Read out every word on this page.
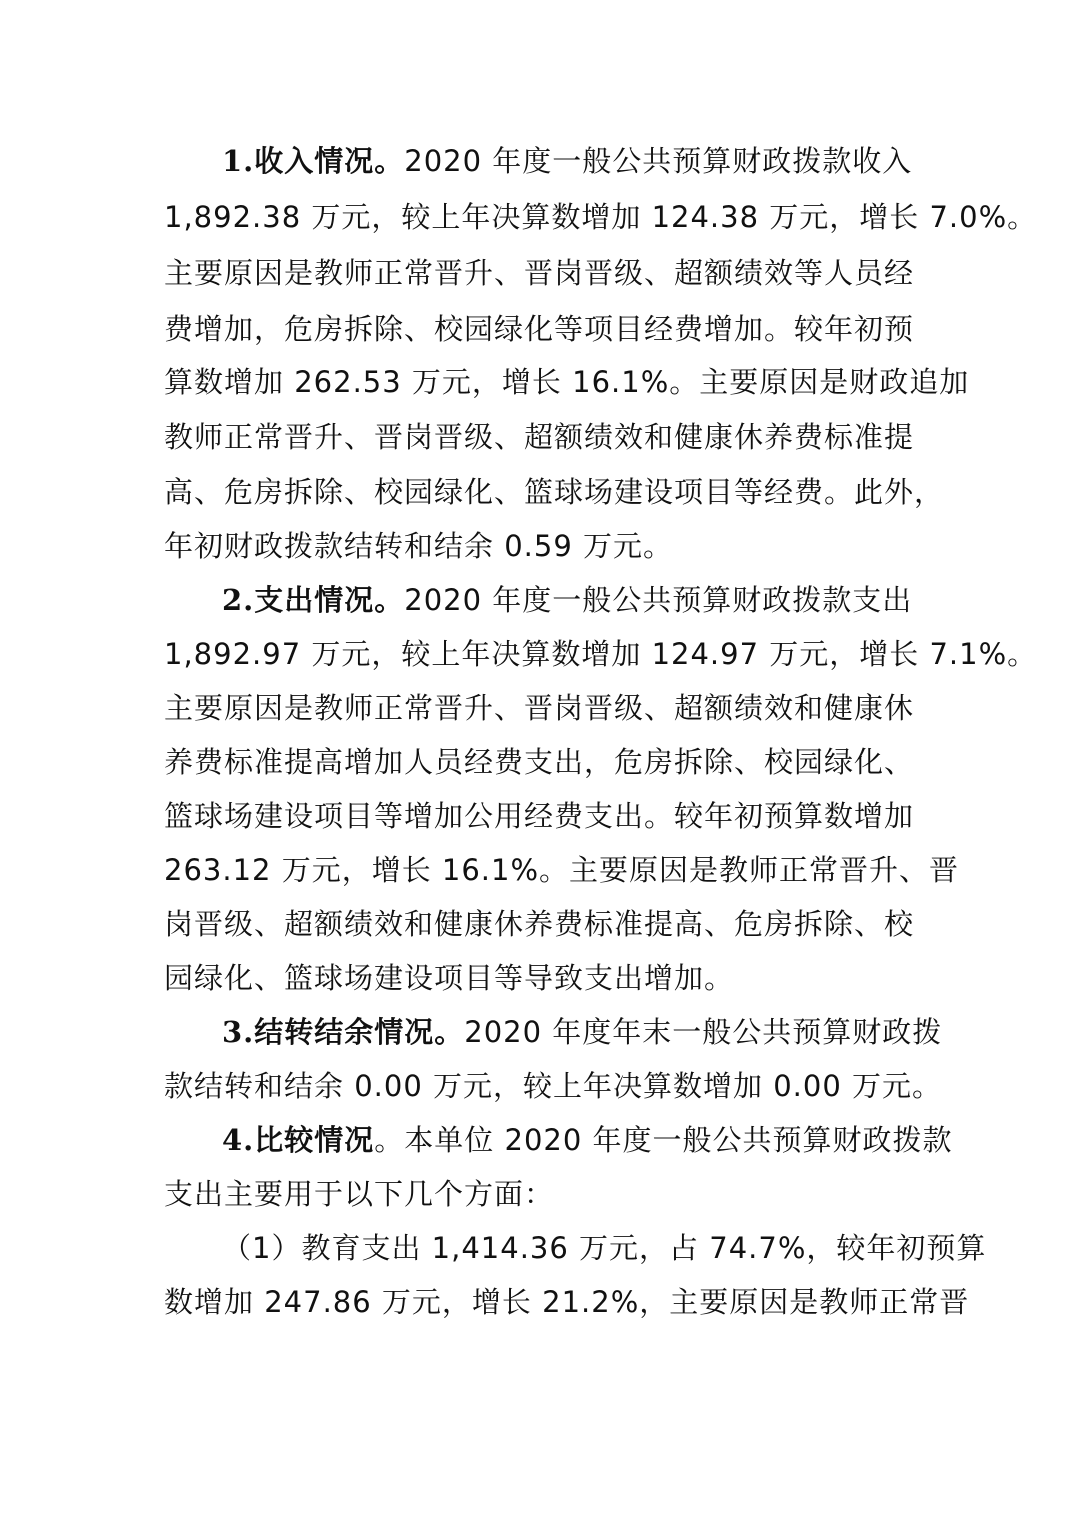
1.收入情况。2020 年度一般公共预算财政拨款收入
1,892.38 万元，较上年决算数增加 124.38 万元，增长 7.0%。
主要原因是教师正常晋升、晋岗晋级、超额绩效等人员经
费增加，危房拆除、校园绿化等项目经费增加。较年初预
算数增加 262.53 万元，增长 16.1%。主要原因是财政追加
教师正常晋升、晋岗晋级、超额绩效和健康休养费标准提
高、危房拆除、校园绿化、篮球场建设项目等经费。此外，
年初财政拨款结转和结余 0.59 万元。
2.支出情况。2020 年度一般公共预算财政拨款支出
1,892.97 万元，较上年决算数增加 124.97 万元，增长 7.1%。
主要原因是教师正常晋升、晋岗晋级、超额绩效和健康休
养费标准提高增加人员经费支出，危房拆除、校园绿化、
篮球场建设项目等增加公用经费支出。较年初预算数增加
263.12 万元，增长 16.1%。主要原因是教师正常晋升、晋
岗晋级、超额绩效和健康休养费标准提高、危房拆除、校
园绿化、篮球场建设项目等导致支出增加。
3.结转结余情况。2020 年度年末一般公共预算财政拨
款结转和结余 0.00 万元，较上年决算数增加 0.00 万元。
4.比较情况。本单位 2020 年度一般公共预算财政拨款
支出主要用于以下几个方面：
（1）教育支出 1,414.36 万元，占 74.7%，较年初预算
数增加 247.86 万元，增长 21.2%，主要原因是教师正常晋
